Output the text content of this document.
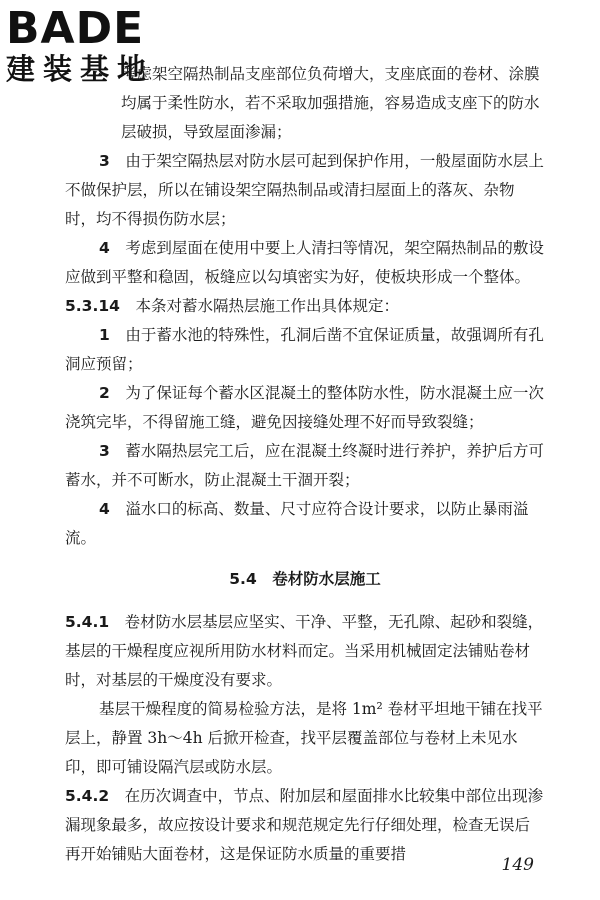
BADE
建装基地

考虑架空隔热制品支座部位负荷增大，支座底面的卷材、涂膜均属于柔性防水，若不采取加强措施，容易造成支座下的防水层破损，导致屋面渗漏；

3　 由于架空隔热层对防水层可起到保护作用，一般屋面防水层上不做保护层，所以在铺设架空隔热制品或清扫屋面上的落灰、杂物时，均不得损伤防水层；

4　 考虑到屋面在使用中要上人清扫等情况，架空隔热制品的敷设应做到平整和稳固，板缝应以勾填密实为好，使板块形成一个整体。

5.3.14　 本条对蓄水隔热层施工作出具体规定：

1　 由于蓄水池的特殊性，孔洞后凿不宜保证质量，故强调所有孔洞应预留；

2　 为了保证每个蓄水区混凝土的整体防水性，防水混凝土应一次浇筑完毕，不得留施工缝，避免因接缝处理不好而导致裂缝；

3　 蓄水隔热层完工后，应在混凝土终凝时进行养护，养护后方可蓄水，并不可断水，防止混凝土干涸开裂；

4　 溢水口的标高、数量、尺寸应符合设计要求，以防止暴雨溢流。

5.4　卷材防水层施工

5.4.1　 卷材防水层基层应坚实、干净、平整，无孔隙、起砂和裂缝，基层的干燥程度应视所用防水材料而定。当采用机械固定法铺贴卷材时，对基层的干燥度没有要求。

基层干燥程度的简易检验方法，是将 1m² 卷材平坦地干铺在找平层上，静置 3h～4h 后掀开检查，找平层覆盖部位与卷材上未见水印，即可铺设隔汽层或防水层。

5.4.2　 在历次调查中，节点、附加层和屋面排水比较集中部位出现渗漏现象最多，故应按设计要求和规范规定先行仔细处理，检查无误后再开始铺贴大面卷材，这是保证防水质量的重要措

149
